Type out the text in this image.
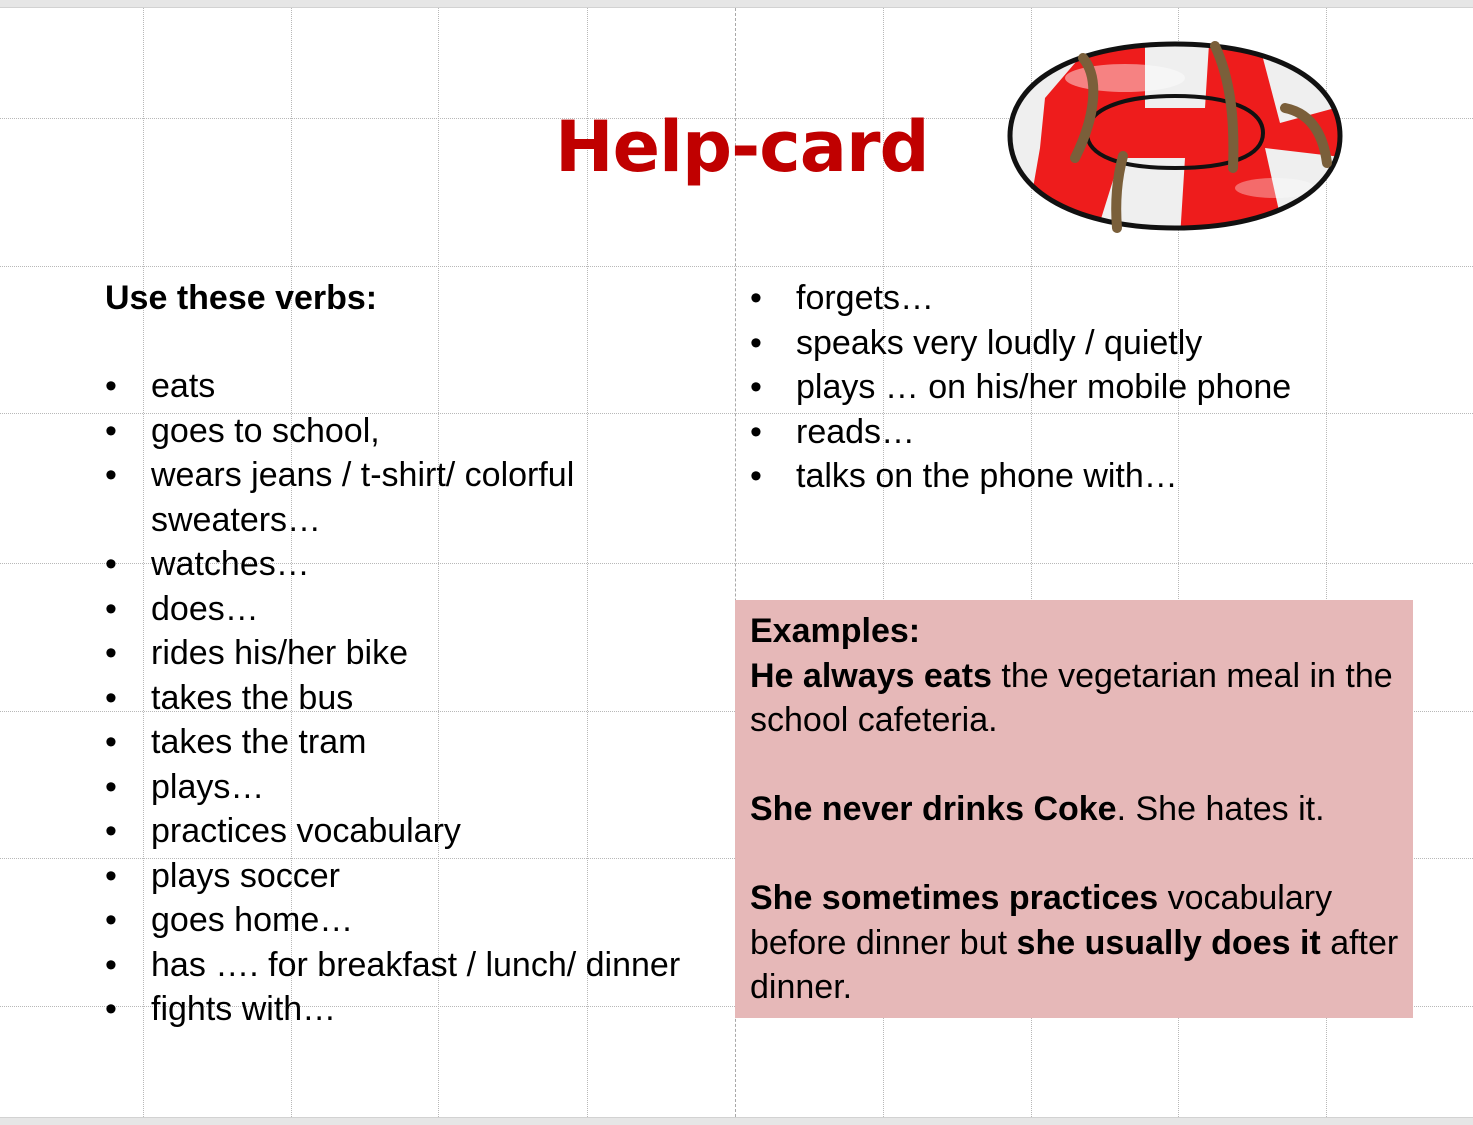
Help-card

Use these verbs:

• eats
• goes to school,
• wears jeans / t-shirt/ colorful sweaters…
• watches…
• does…
• rides his/her bike
• takes the bus
• takes the tram
• plays…
• practices vocabulary
• plays soccer
• goes home…
• has …. for breakfast / lunch/ dinner
• fights with…
• forgets…
• speaks very loudly / quietly
• plays … on his/her mobile phone
• reads…
• talks on the phone with…

Examples:

He always eats the vegetarian meal in the school cafeteria.

She never drinks Coke. She hates it.

She sometimes practices vocabulary before dinner but she usually does it after dinner.
